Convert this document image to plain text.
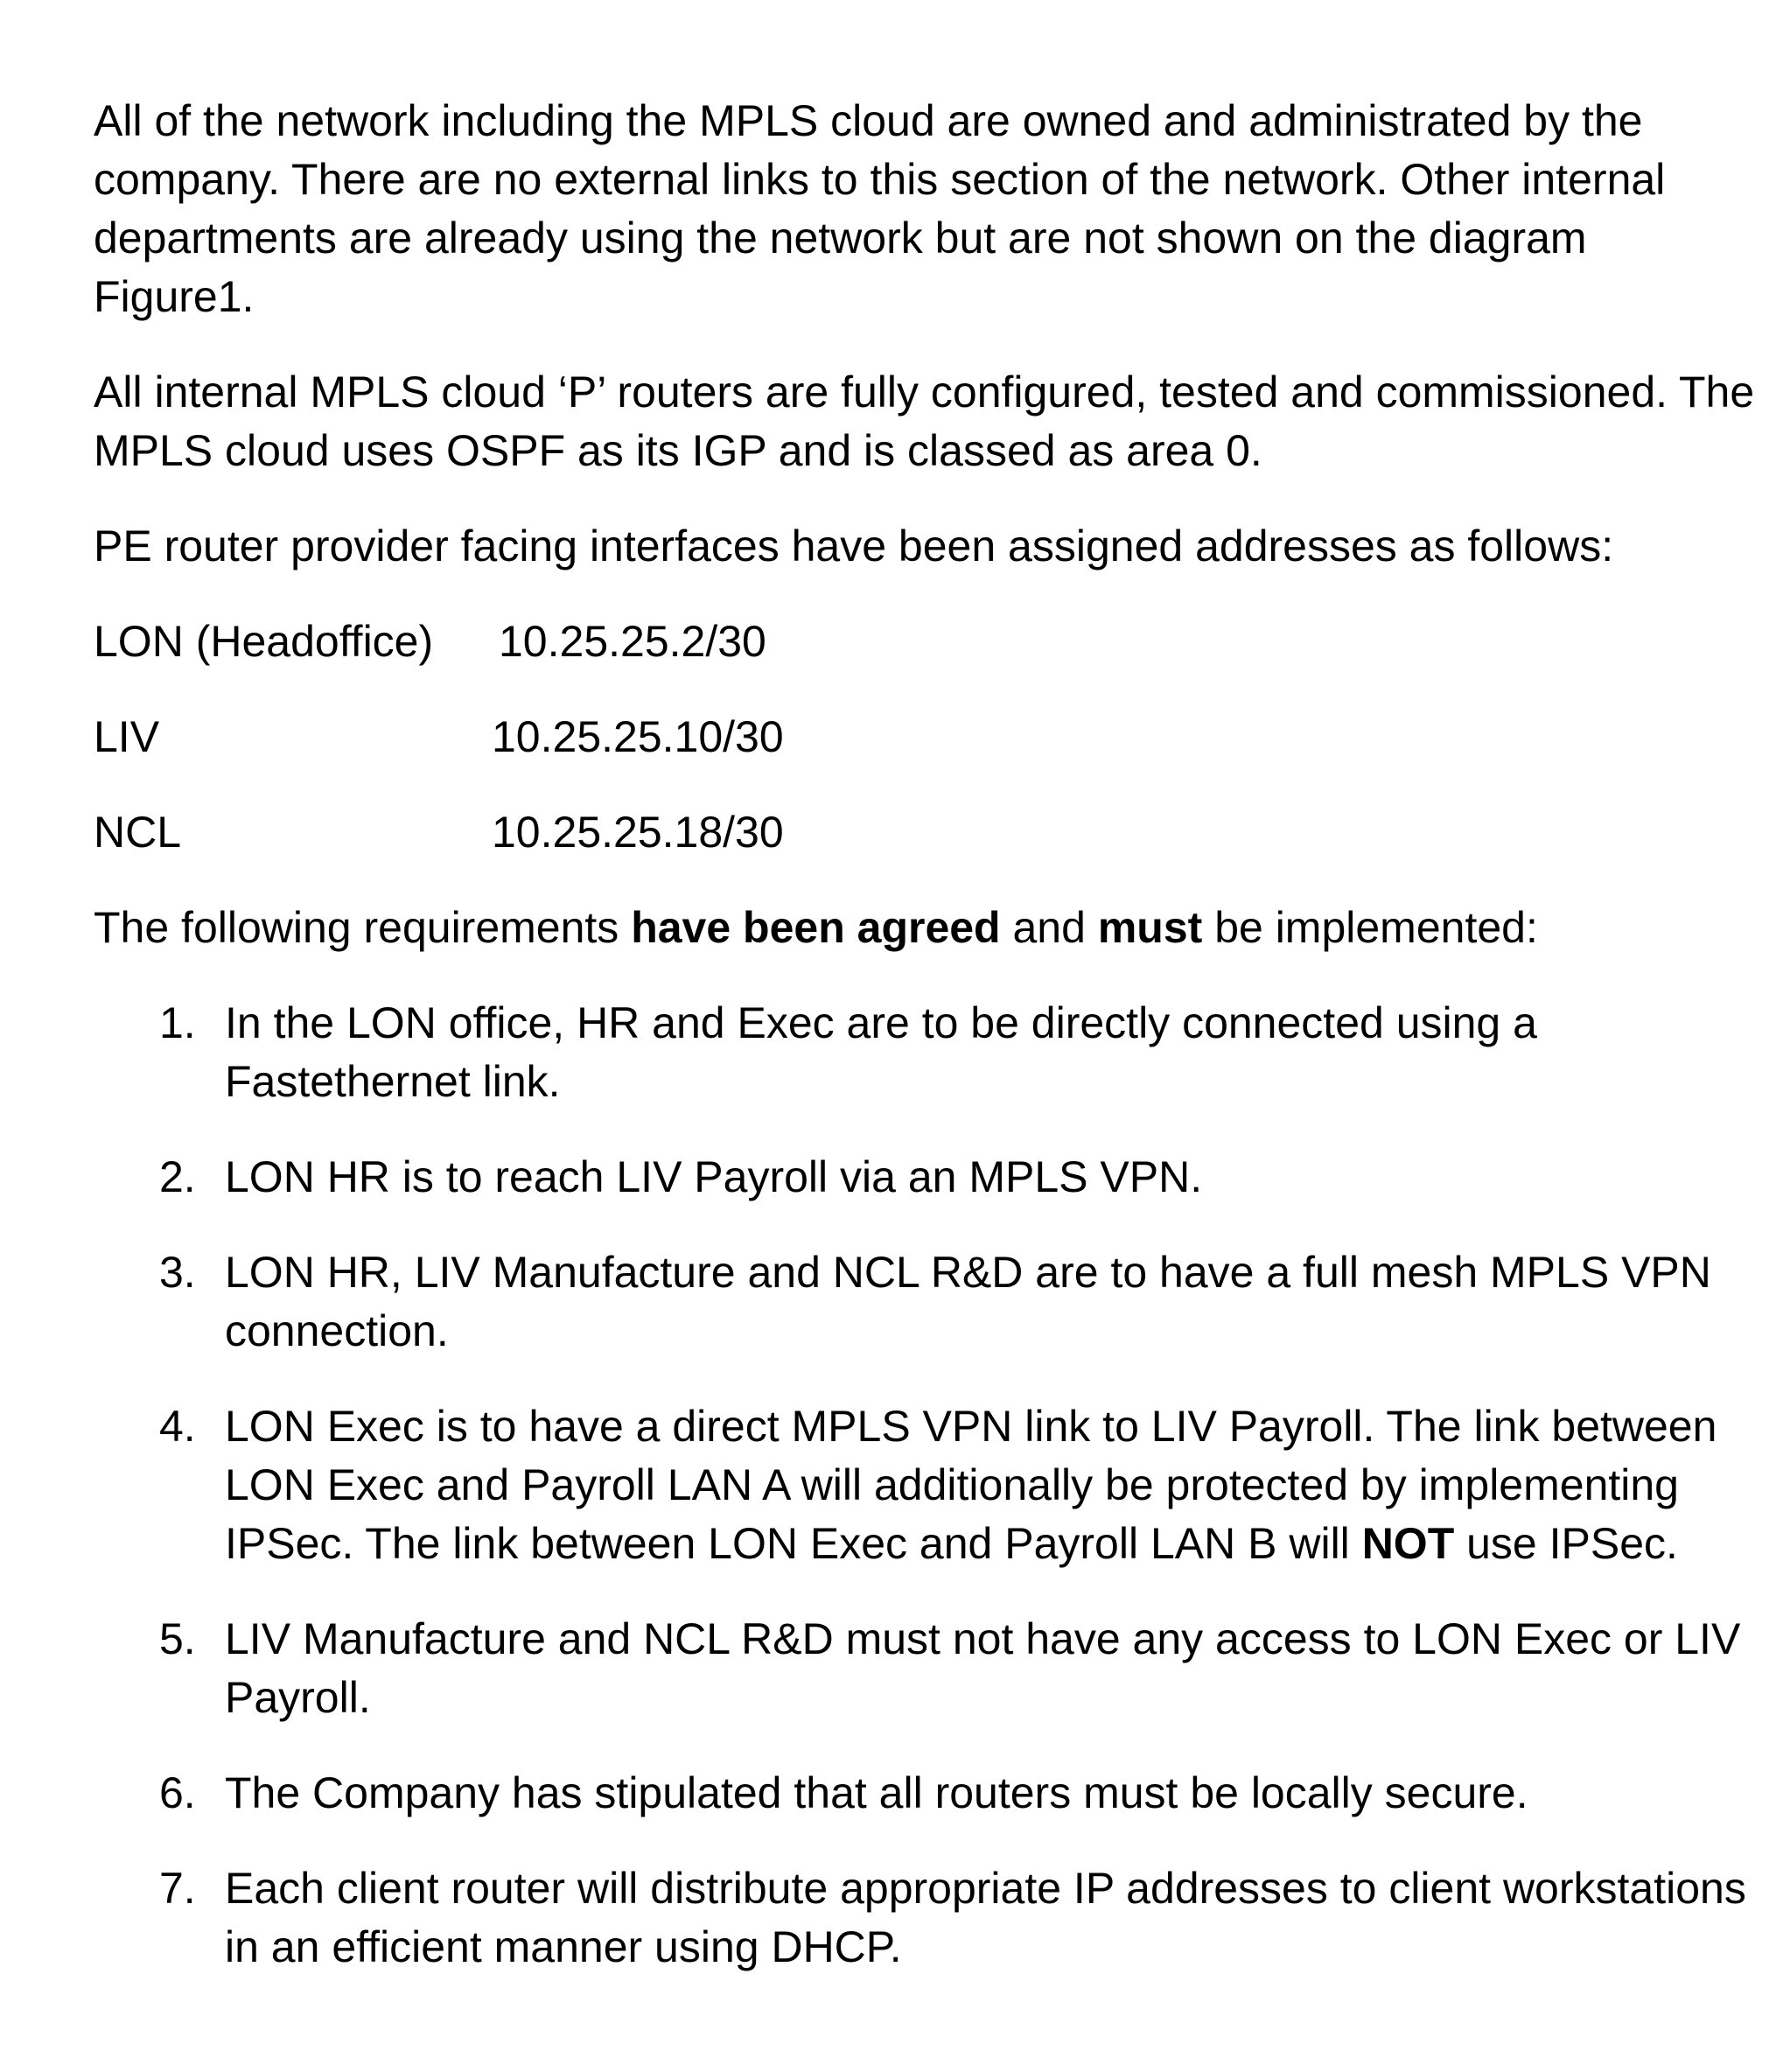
All of the network including the MPLS cloud are owned and administrated by the company. There are no external links to this section of the network. Other internal departments are already using the network but are not shown on the diagram Figure1.

All internal MPLS cloud ‘P’ routers are fully configured, tested and commissioned. The MPLS cloud uses OSPF as its IGP and is classed as area 0.

PE router provider facing interfaces have been assigned addresses as follows:

LON (Headoffice)	10.25.25.2/30
LIV	10.25.25.10/30
NCL	10.25.25.18/30

The following requirements have been agreed and must be implemented:

1. In the LON office, HR and Exec are to be directly connected using a Fastethernet link.
2. LON HR is to reach LIV Payroll via an MPLS VPN.
3. LON HR, LIV Manufacture and NCL R&D are to have a full mesh MPLS VPN connection.
4. LON Exec is to have a direct MPLS VPN link to LIV Payroll. The link between LON Exec and Payroll LAN A will additionally be protected by implementing IPSec. The link between LON Exec and Payroll LAN B will NOT use IPSec.
5. LIV Manufacture and NCL R&D must not have any access to LON Exec or LIV Payroll.
6. The Company has stipulated that all routers must be locally secure.
7. Each client router will distribute appropriate IP addresses to client workstations in an efficient manner using DHCP.
